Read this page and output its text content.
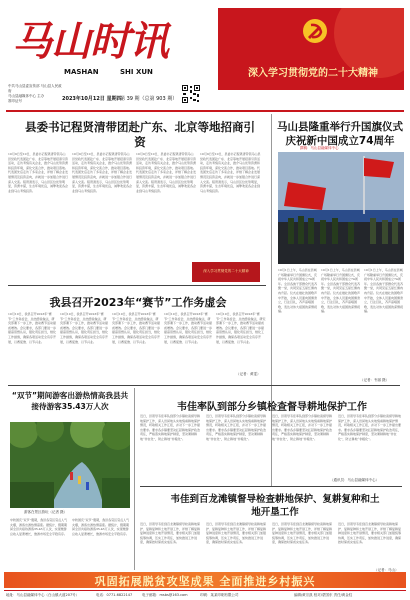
马山时讯
MASHAN	SHI XUN
中共马山县委宣传部 马山县人民政府
马山县融媒体中心 主办
准印证号	2023年10月12日 星期四
第 39 期（总第 903 期）
深入学习贯彻党的二十大精神
县委书记程贤清带团赴广东、北京等地招商引资
10月9日至10日，县委书记程贤清带领马山县党政代表团赴广东、北京等地开展招商引资活动，走访考察有关企业，推介马山优势资源和投资环境，深化交流合作，推动项目落地。代表团先后走访了多家企业，详细了解企业发展情况及投资意向，并就进一步加强合作进行深入交流。程贤清表示，马山县区位优势明显，资源丰富，生态环境优良，诚挚欢迎各企业到马山考察投资。
10月9日至10日，县委书记程贤清带领马山县党政代表团赴广东、北京等地开展招商引资活动，走访考察有关企业，推介马山优势资源和投资环境，深化交流合作，推动项目落地。代表团先后走访了多家企业，详细了解企业发展情况及投资意向，并就进一步加强合作进行深入交流。程贤清表示，马山县区位优势明显，资源丰富，生态环境优良，诚挚欢迎各企业到马山考察投资。
10月9日至10日，县委书记程贤清带领马山县党政代表团赴广东、北京等地开展招商引资活动，走访考察有关企业，推介马山优势资源和投资环境，深化交流合作，推动项目落地。代表团先后走访了多家企业，详细了解企业发展情况及投资意向，并就进一步加强合作进行深入交流。程贤清表示，马山县区位优势明显，资源丰富，生态环境优良，诚挚欢迎各企业到马山考察投资。
10月9日至10日，县委书记程贤清带领马山县党政代表团赴广东、北京等地开展招商引资活动，走访考察有关企业，推介马山优势资源和投资环境，深化交流合作，推动项目落地。代表团先后走访了多家企业，详细了解企业发展情况及投资意向，并就进一步加强合作进行深入交流。程贤清表示，马山县区位优势明显，资源丰富，生态环境优良，诚挚欢迎各企业到马山考察投资。
马山县隆重举行升国旗仪式庆祝新中国成立74周年
撰稿：马山县融媒体中心
10月1日上午，马山县在县城广场隆重举行升国旗仪式，庆祝中华人民共和国成立74周年。全县各族干部群众代表齐聚一堂，共同见证五星红旗冉冉升起。仪式在雄壮的国歌声中开始，全体人员面向国旗肃立，行注目礼，齐声高唱国歌，表达对伟大祖国的深情祝福。
10月1日上午，马山县在县城广场隆重举行升国旗仪式，庆祝中华人民共和国成立74周年。全县各族干部群众代表齐聚一堂，共同见证五星红旗冉冉升起。仪式在雄壮的国歌声中开始，全体人员面向国旗肃立，行注目礼，齐声高唱国歌，表达对伟大祖国的深情祝福。
10月1日上午，马山县在县城广场隆重举行升国旗仪式，庆祝中华人民共和国成立74周年。全县各族干部群众代表齐聚一堂，共同见证五星红旗冉冉升起。仪式在雄壮的国歌声中开始，全体人员面向国旗肃立，行注目礼，齐声高唱国歌，表达对伟大祖国的深情祝福。
（记者：韦丽 摄）
深入学习贯彻党的二十大精神
我县召开2023年“赛节”工作务虚会
10月10日，我县召开2023年“赛节”工作务虚会，总结经验做法，研究部署下一步工作，推动赛节活动提质增效。会议要求，各部门要进一步提高思想认识，强化责任担当，细化工作措施，确保各项活动安全有序开展，以赛促旅、以节兴业。
10月10日，我县召开2023年“赛节”工作务虚会，总结经验做法，研究部署下一步工作，推动赛节活动提质增效。会议要求，各部门要进一步提高思想认识，强化责任担当，细化工作措施，确保各项活动安全有序开展，以赛促旅、以节兴业。
10月10日，我县召开2023年“赛节”工作务虚会，总结经验做法，研究部署下一步工作，推动赛节活动提质增效。会议要求，各部门要进一步提高思想认识，强化责任担当，细化工作措施，确保各项活动安全有序开展，以赛促旅、以节兴业。
10月10日，我县召开2023年“赛节”工作务虚会，总结经验做法，研究部署下一步工作，推动赛节活动提质增效。会议要求，各部门要进一步提高思想认识，强化责任担当，细化工作措施，确保各项活动安全有序开展，以赛促旅、以节兴业。
10月10日，我县召开2023年“赛节”工作务虚会，总结经验做法，研究部署下一步工作，推动赛节活动提质增效。会议要求，各部门要进一步提高思想认识，强化责任担当，细化工作措施，确保各项活动安全有序开展，以赛促旅、以节兴业。
（记者：黄雯）
“双节”期间游客出游热情高我县共接待游客35.43万人次
游客在景区游玩（记者 摄）
中秋国庆“双节”假期，我县各景区景点人气火爆，游客出游热情高涨。据统计，假期期间全县共接待游客35.43万人次，实现旅游总收入显著增长，旅游市场安全平稳有序。
中秋国庆“双节”假期，我县各景区景点人气火爆，游客出游热情高涨。据统计，假期期间全县共接待游客35.43万人次，实现旅游总收入显著增长，旅游市场安全平稳有序。
韦佳率队到部分乡镇检查督导耕地保护工作
近日，县领导韦佳率队到部分乡镇检查督导耕地保护工作，深入田间地头实地察看耕地保护情况，听取相关工作汇报，并对下一步工作提出要求。要求各乡镇要坚决扛起耕地保护政治责任，严格落实耕地保护制度，坚决遏制耕地“非农化”，防止耕地“非粮化”。
近日，县领导韦佳率队到部分乡镇检查督导耕地保护工作，深入田间地头实地察看耕地保护情况，听取相关工作汇报，并对下一步工作提出要求。要求各乡镇要坚决扛起耕地保护政治责任，严格落实耕地保护制度，坚决遏制耕地“非农化”，防止耕地“非粮化”。
近日，县领导韦佳率队到部分乡镇检查督导耕地保护工作，深入田间地头实地察看耕地保护情况，听取相关工作汇报，并对下一步工作提出要求。要求各乡镇要坚决扛起耕地保护政治责任，严格落实耕地保护制度，坚决遏制耕地“非农化”，防止耕地“非粮化”。
近日，县领导韦佳率队到部分乡镇检查督导耕地保护工作，深入田间地头实地察看耕地保护情况，听取相关工作汇报，并对下一步工作提出要求。要求各乡镇要坚决扛起耕地保护政治责任，严格落实耕地保护制度，坚决遏制耕地“非农化”，防止耕地“非粮化”。
（通讯员：马山县融媒体中心）
韦佳到百龙滩镇督导检查耕地保护、复耕复种和土地开垦工作
近日，县领导韦佳到百龙滩镇督导检查耕地保护、复耕复种和土地开垦工作，详细了解复耕复种进度和土地开垦情况，要求相关部门加强统筹协调，压实工作责任，加快推进工作进度，确保按时保质完成任务。
近日，县领导韦佳到百龙滩镇督导检查耕地保护、复耕复种和土地开垦工作，详细了解复耕复种进度和土地开垦情况，要求相关部门加强统筹协调，压实工作责任，加快推进工作进度，确保按时保质完成任务。
近日，县领导韦佳到百龙滩镇督导检查耕地保护、复耕复种和土地开垦工作，详细了解复耕复种进度和土地开垦情况，要求相关部门加强统筹协调，压实工作责任，加快推进工作进度，确保按时保质完成任务。
近日，县领导韦佳到百龙滩镇督导检查耕地保护、复耕复种和土地开垦工作，详细了解复耕复种进度和土地开垦情况，要求相关部门加强统筹协调，压实工作责任，加快推进工作进度，确保按时保质完成任务。
（记者：马山）
巩固拓展脱贫攻坚成果 全面推进乡村振兴
地址：马山县融媒体中心（白山镇大道207号）	电话：0771-6822147	电子邮箱：msbs@163.com	印刷：某某印刷有限公司	编辑/黄宗凯 校对/蒙国东 责任/黄金柱
